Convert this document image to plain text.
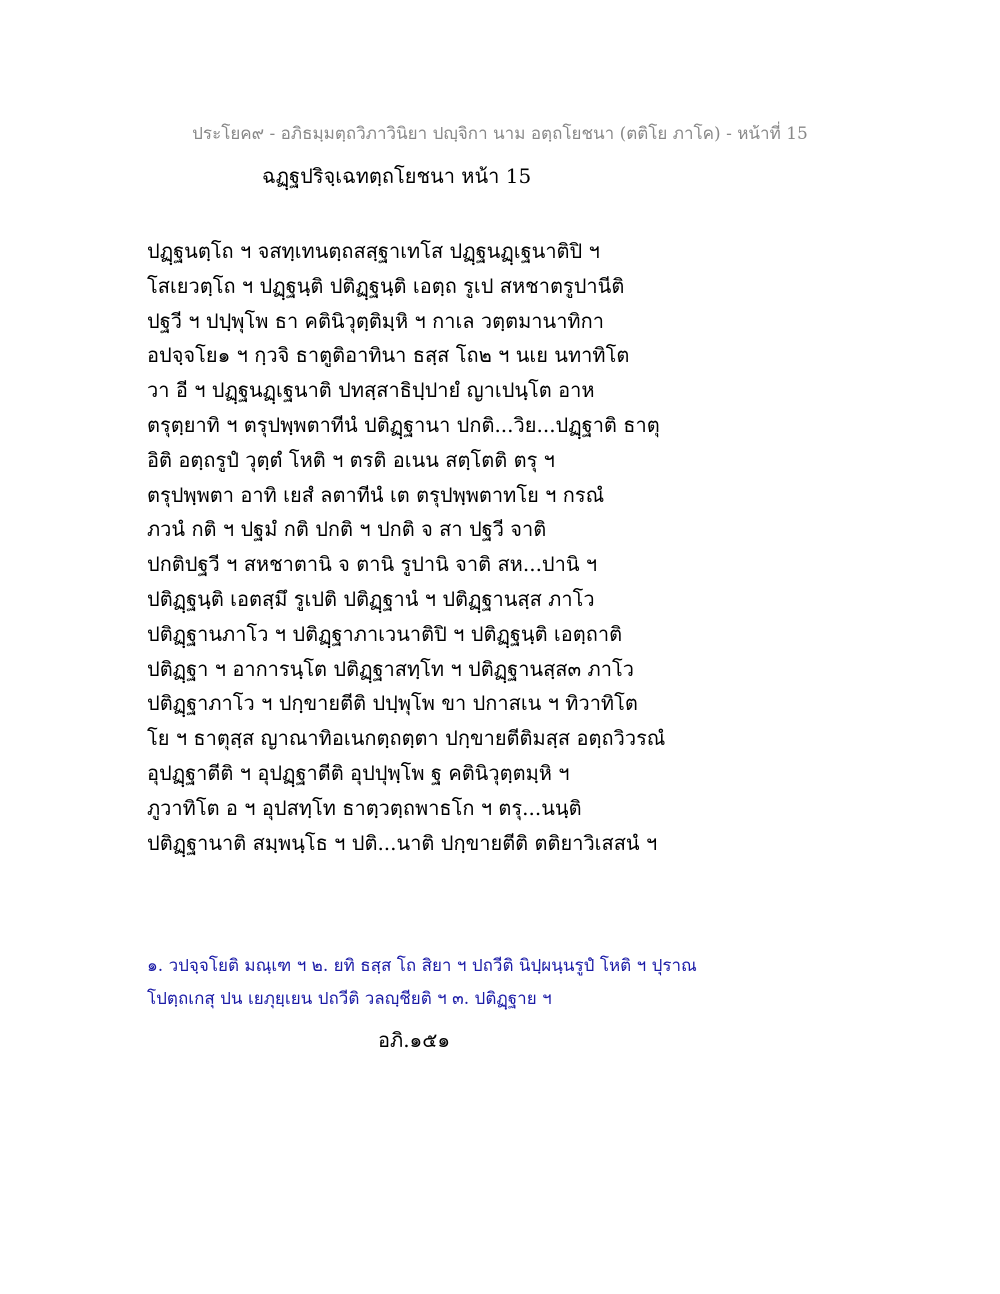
ประโยค๙ - อภิธมฺมตฺถวิภาวินิยา ปญฺจิกา นาม อตฺถโยชนา (ตติโย ภาโค) - หน้าที่ 15
ฉฏฺฐปริจฺเฉทตฺถโยชนา หน้า 15
ปฏฺฐนตฺโถ ฯ จสทฺเทนตฺถสสฺฐาเทโส ปฏฺฐนฏฺเฐนาติปิ ฯ
โสเยวตฺโถ ฯ ปฏฺฐนฺติ ปติฏฺฐนฺติ เอตฺถ รูเป สหชาตรูปานีติ
ปฐวี ฯ ปปฺพุโพ ธา คตินิวุตฺติมฺหิ ฯ กาเล วตฺตมานาทิกา
อปจฺจโย๑ ฯ กฺวจิ ธาตูติอาทินา ธสฺส โถ๒ ฯ นเย นทาทิโต
วา อี ฯ ปฏฺฐนฏฺเฐนาติ ปทสฺสาธิปฺปายํ ญาเปนฺโต อาห
ตรุตฺยาทิ ฯ ตรุปพฺพตาทีนํ ปติฏฺฐานา ปกติ...วิย...ปฏฺฐาติ ธาตุ
อิติ อตฺถรูปํ วุตฺตํ โหติ ฯ ตรติ อเนน สตฺโตติ ตรุ ฯ
ตรุปพฺพตา อาทิ เยสํ ลตาทีนํ เต ตรุปพฺพตาทโย ฯ กรณํ
ภวนํ กติ ฯ ปฐมํ กติ ปกติ ฯ ปกติ จ สา ปฐวี จาติ
ปกติปฐวี ฯ สหชาตานิ จ ตานิ รูปานิ จาติ สห...ปานิ ฯ
ปติฏฺฐนฺติ เอตสฺมึ รูเปติ ปติฏฺฐานํ ฯ ปติฏฺฐานสฺส ภาโว
ปติฏฺฐานภาโว ฯ ปติฏฺฐาภาเวนาติปิ ฯ ปติฏฺฐนฺติ เอตฺถาติ
ปติฏฺฐา ฯ อาการนฺโต ปติฏฺฐาสทฺโท ฯ ปติฏฺฐานสฺส๓ ภาโว
ปติฏฺฐาภาโว ฯ ปกฺขายตีติ ปปฺพุโพ ขา ปกาสเน ฯ ทิวาทิโต
โย ฯ ธาตุสฺส ญาณาทิอเนกตฺถตฺตา ปกฺขายตีติมสฺส อตฺถวิวรณํ
อุปฏฺฐาตีติ ฯ อุปฏฺฐาตีติ อุปปุพฺโพ ฐ คตินิวุตฺตมฺหิ ฯ
ภูวาทิโต อ ฯ อุปสทฺโท ธาตฺวตฺถพาธโก ฯ ตรุ...นนฺติ
ปติฏฺฐานาติ สมฺพนฺโธ ฯ ปติ...นาติ ปกฺขายตีติ ตติยาวิเสสนํ ฯ
๑. วปจฺจโยติ มณฺเฑ ฯ ๒. ยทิ ธสฺส โถ สิยา ฯ ปถวีติ นิปฺผนฺนรูปํ โหติ ฯ ปุราณ
โปตฺถเกสุ ปน เยภุยฺเยน ปถวีติ วลญฺชียติ ฯ ๓. ปติฏฺฐาย ฯ
อภิ.๑๕๑
